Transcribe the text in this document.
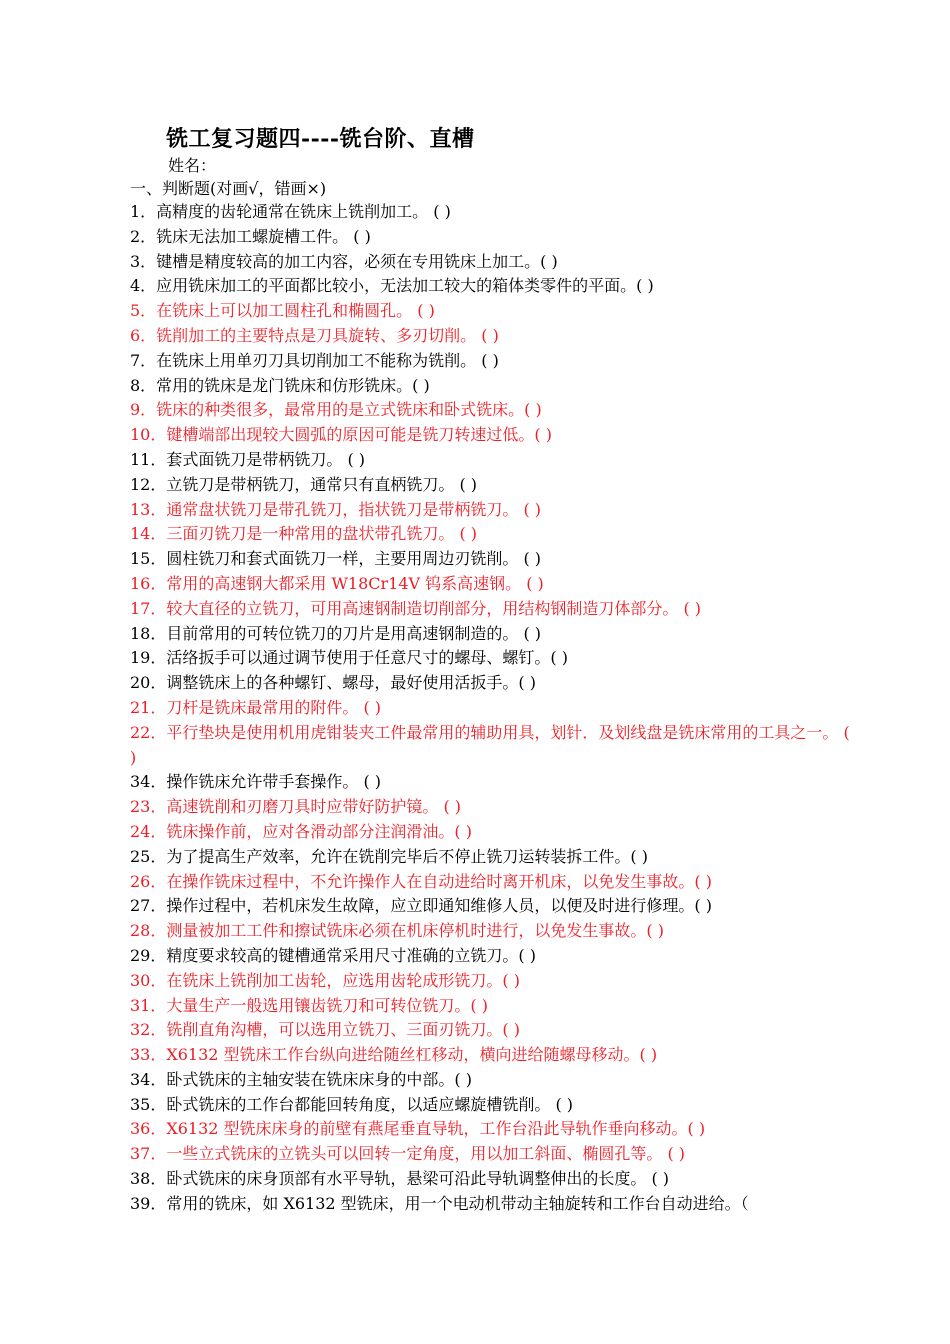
铣工复习题四----铣台阶、直槽
姓名：
一、判断题(对画√，错画×)
1．高精度的齿轮通常在铣床上铣削加工。 ( )
2．铣床无法加工螺旋槽工件。 ( )
3．键槽是精度较高的加工内容，必须在专用铣床上加工。( )
4．应用铣床加工的平面都比较小，无法加工较大的箱体类零件的平面。( )
5．在铣床上可以加工圆柱孔和椭圆孔。 ( )
6．铣削加工的主要特点是刀具旋转、多刃切削。 ( )
7．在铣床上用单刃刀具切削加工不能称为铣削。 ( )
8．常用的铣床是龙门铣床和仿形铣床。( )
9．铣床的种类很多，最常用的是立式铣床和卧式铣床。( )
10．键槽端部出现较大圆弧的原因可能是铣刀转速过低。( )
11．套式面铣刀是带柄铣刀。 ( )
12．立铣刀是带柄铣刀，通常只有直柄铣刀。 ( )
13．通常盘状铣刀是带孔铣刀，指状铣刀是带柄铣刀。 ( )
14．三面刃铣刀是一种常用的盘状带孔铣刀。 ( )
15．圆柱铣刀和套式面铣刀一样，主要用周边刃铣削。 ( )
16．常用的高速钢大都采用 W18Cr14V 钨系高速钢。 ( )
17．较大直径的立铣刀，可用高速钢制造切削部分，用结构钢制造刀体部分。 ( )
18．目前常用的可转位铣刀的刀片是用高速钢制造的。 ( )
19．活络扳手可以通过调节使用于任意尺寸的螺母、螺钉。( )
20．调整铣床上的各种螺钉、螺母，最好使用活扳手。( )
21．刀杆是铣床最常用的附件。 ( )
22．平行垫块是使用机用虎钳装夹工件最常用的辅助用具，划针．及划线盘是铣床常用的工具之一。 ( )
34．操作铣床允许带手套操作。 ( )
23．高速铣削和刃磨刀具时应带好防护镜。 ( )
24．铣床操作前，应对各滑动部分注润滑油。( )
25．为了提高生产效率，允许在铣削完毕后不停止铣刀运转装拆工件。( )
26．在操作铣床过程中，不允许操作人在自动进给时离开机床，以免发生事故。( )
27．操作过程中，若机床发生故障，应立即通知维修人员，以便及时进行修理。( )
28．测量被加工工件和擦试铣床必须在机床停机时进行，以免发生事故。( )
29．精度要求较高的键槽通常采用尺寸准确的立铣刀。( )
30．在铣床上铣削加工齿轮，应选用齿轮成形铣刀。( )
31．大量生产一般选用镶齿铣刀和可转位铣刀。( )
32．铣削直角沟槽，可以选用立铣刀、三面刃铣刀。( )
33．X6132 型铣床工作台纵向进给随丝杠移动，横向进给随螺母移动。( )
34．卧式铣床的主轴安装在铣床床身的中部。( )
35．卧式铣床的工作台都能回转角度，以适应螺旋槽铣削。 ( )
36．X6132 型铣床床身的前壁有燕尾垂直导轨，工作台沿此导轨作垂向移动。( )
37．一些立式铣床的立铣头可以回转一定角度，用以加工斜面、椭圆孔等。 ( )
38．卧式铣床的床身顶部有水平导轨，悬梁可沿此导轨调整伸出的长度。 ( )
39．常用的铣床，如 X6132 型铣床，用一个电动机带动主轴旋转和工作台自动进给。（
